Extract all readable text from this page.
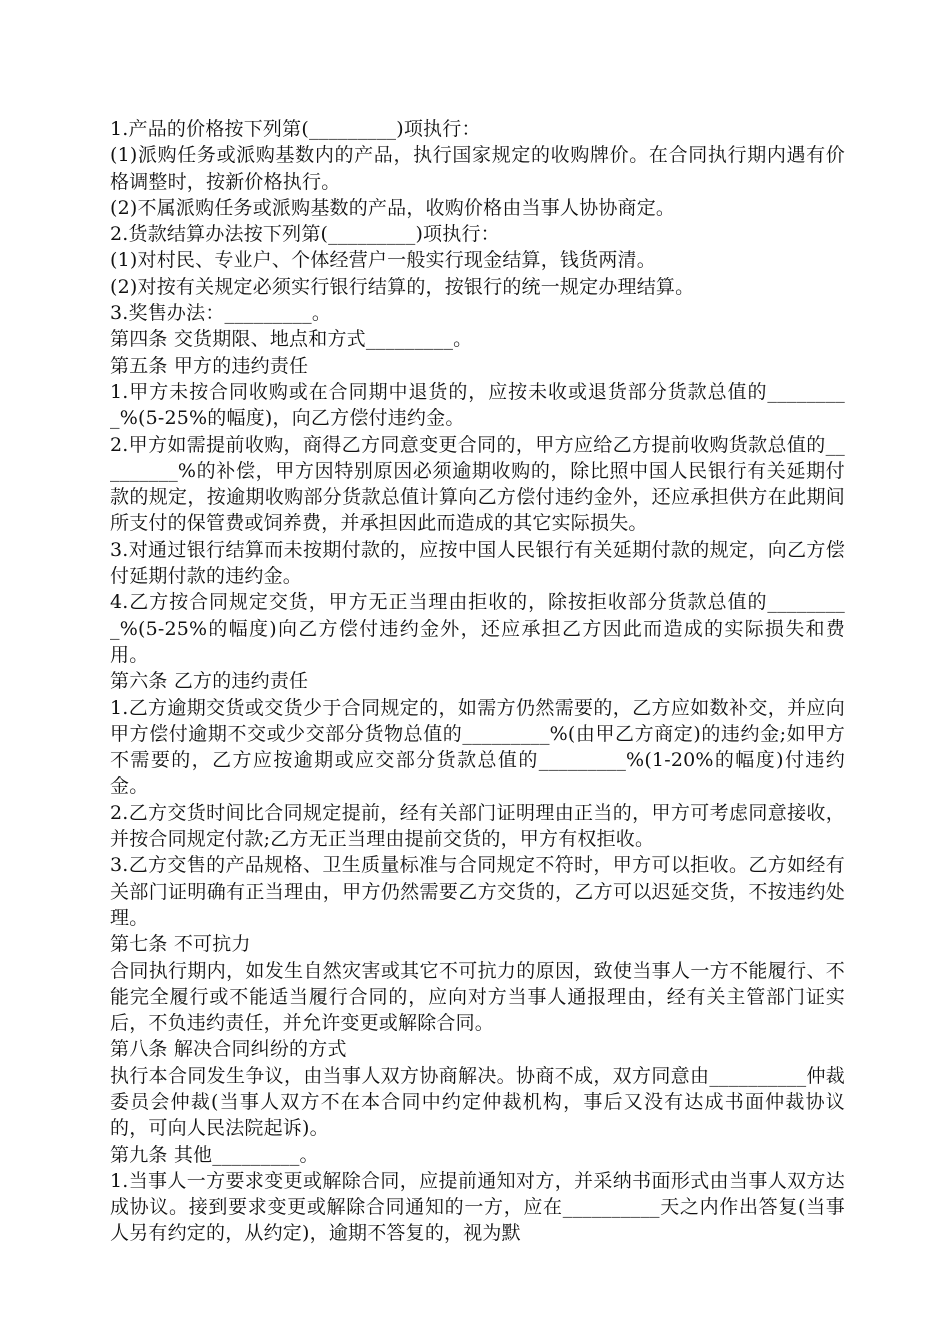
1.产品的价格按下列第(_________)项执行：

(1)派购任务或派购基数内的产品，执行国家规定的收购牌价。在合同执行期内遇有价格调整时，按新价格执行。

(2)不属派购任务或派购基数的产品，收购价格由当事人协协商定。

2.货款结算办法按下列第(_________)项执行：

(1)对村民、专业户、个体经营户一般实行现金结算，钱货两清。

(2)对按有关规定必须实行银行结算的，按银行的统一规定办理结算。

3.奖售办法：_________。

第四条 交货期限、地点和方式_________。

第五条 甲方的违约责任

1.甲方未按合同收购或在合同期中退货的，应按未收或退货部分货款总值的_________%(5-25%的幅度)，向乙方偿付违约金。

2.甲方如需提前收购，商得乙方同意变更合同的，甲方应给乙方提前收购货款总值的_________%的补偿，甲方因特别原因必须逾期收购的，除比照中国人民银行有关延期付款的规定，按逾期收购部分货款总值计算向乙方偿付违约金外，还应承担供方在此期间所支付的保管费或饲养费，并承担因此而造成的其它实际损失。

3.对通过银行结算而未按期付款的，应按中国人民银行有关延期付款的规定，向乙方偿付延期付款的违约金。

4.乙方按合同规定交货，甲方无正当理由拒收的，除按拒收部分货款总值的_________%(5-25%的幅度)向乙方偿付违约金外，还应承担乙方因此而造成的实际损失和费用。

第六条 乙方的违约责任

1.乙方逾期交货或交货少于合同规定的，如需方仍然需要的，乙方应如数补交，并应向甲方偿付逾期不交或少交部分货物总值的_________%(由甲乙方商定)的违约金;如甲方不需要的，乙方应按逾期或应交部分货款总值的_________%(1-20%的幅度)付违约金。

2.乙方交货时间比合同规定提前，经有关部门证明理由正当的，甲方可考虑同意接收，并按合同规定付款;乙方无正当理由提前交货的，甲方有权拒收。

3.乙方交售的产品规格、卫生质量标准与合同规定不符时，甲方可以拒收。乙方如经有关部门证明确有正当理由，甲方仍然需要乙方交货的，乙方可以迟延交货，不按违约处理。

第七条 不可抗力

合同执行期内，如发生自然灾害或其它不可抗力的原因，致使当事人一方不能履行、不能完全履行或不能适当履行合同的，应向对方当事人通报理由，经有关主管部门证实后，不负违约责任，并允许变更或解除合同。

第八条 解决合同纠纷的方式

执行本合同发生争议，由当事人双方协商解决。协商不成，双方同意由__________仲裁委员会仲裁(当事人双方不在本合同中约定仲裁机构，事后又没有达成书面仲裁协议的，可向人民法院起诉)。

第九条 其他_________。

1.当事人一方要求变更或解除合同，应提前通知对方，并采纳书面形式由当事人双方达成协议。接到要求变更或解除合同通知的一方，应在__________天之内作出答复(当事人另有约定的，从约定)，逾期不答复的，视为默
